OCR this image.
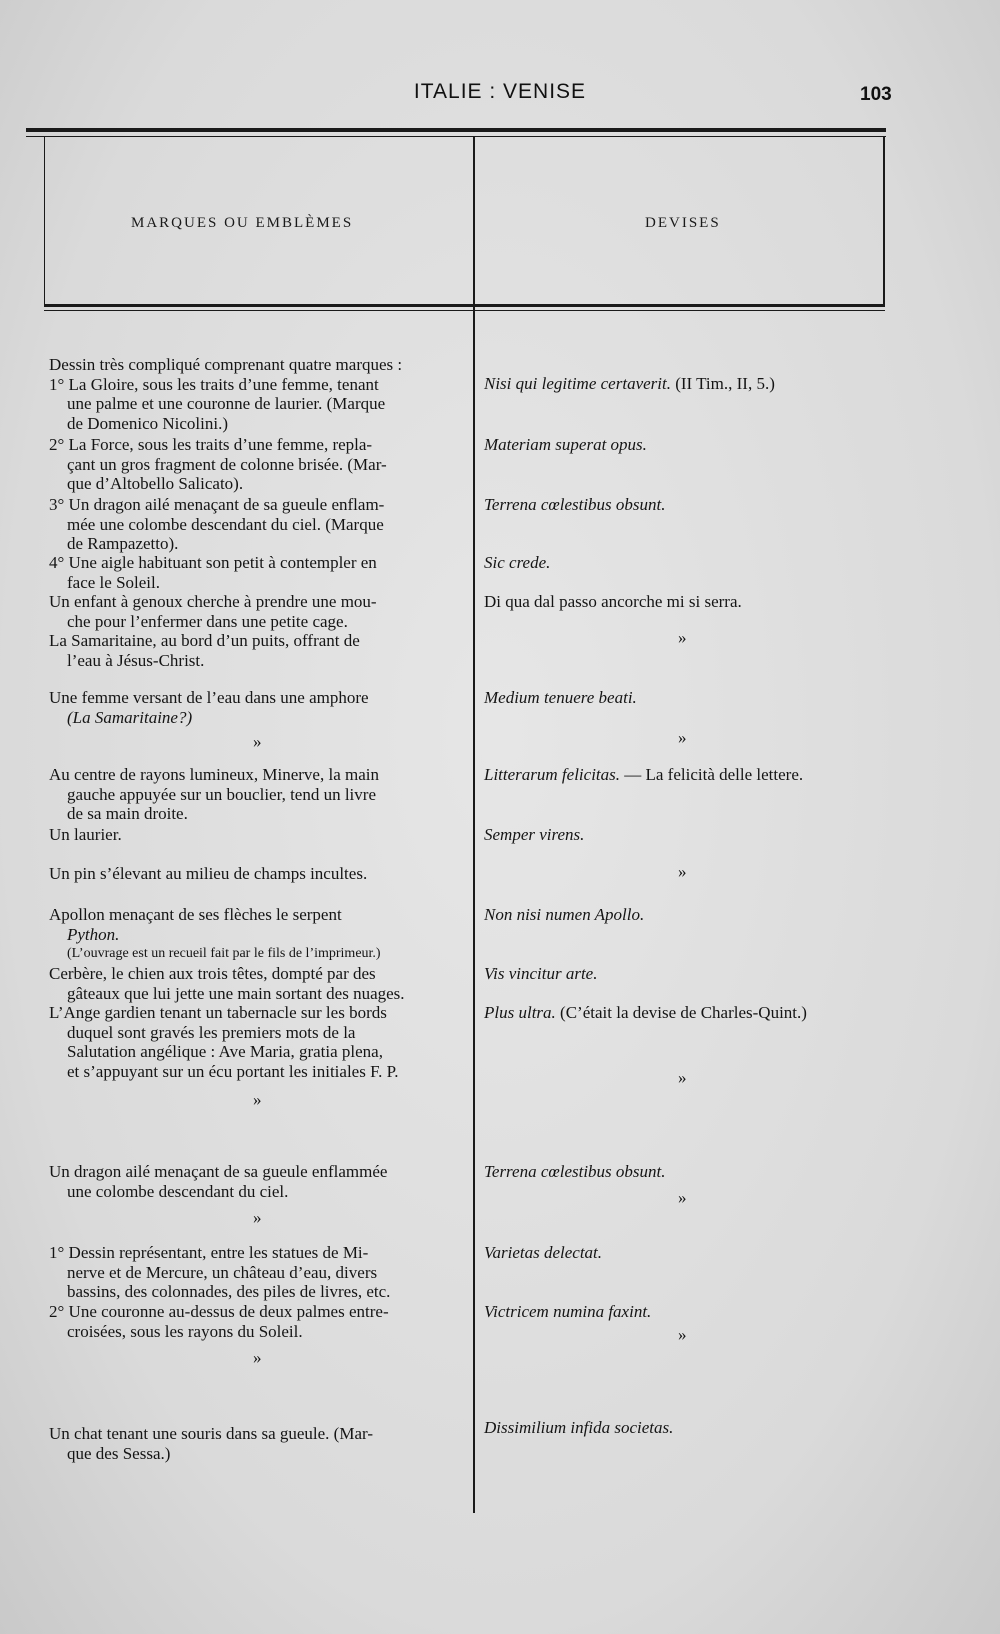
ITALIE : VENISE	103
MARQUES OU EMBLÈMES	DEVISES
Dessin très compliqué comprenant quatre marques :
1° La Gloire, sous les traits d’une femme, tenant
une palme et une couronne de laurier. (Marque
de Domenico Nicolini.)
2° La Force, sous les traits d’une femme, repla-
çant un gros fragment de colonne brisée. (Mar-
que d’Altobello Salicato).
3° Un dragon ailé menaçant de sa gueule enflam-
mée une colombe descendant du ciel. (Marque
de Rampazetto).
4° Une aigle habituant son petit à contempler en
face le Soleil.
Un enfant à genoux cherche à prendre une mou-
che pour l’enfermer dans une petite cage.
La Samaritaine, au bord d’un puits, offrant de
l’eau à Jésus-Christ.
Une femme versant de l’eau dans une amphore
(La Samaritaine?)
»
Au centre de rayons lumineux, Minerve, la main
gauche appuyée sur un bouclier, tend un livre
de sa main droite.
Un laurier.
Un pin s’élevant au milieu de champs incultes.
Apollon menaçant de ses flèches le serpent
Python.
(L’ouvrage est un recueil fait par le fils de l’imprimeur.)
Cerbère, le chien aux trois têtes, dompté par des
gâteaux que lui jette une main sortant des nuages.
L’Ange gardien tenant un tabernacle sur les bords
duquel sont gravés les premiers mots de la
Salutation angélique : Ave Maria, gratia plena,
et s’appuyant sur un écu portant les initiales F. P.
»
Un dragon ailé menaçant de sa gueule enflammée
une colombe descendant du ciel.
»
1° Dessin représentant, entre les statues de Mi-
nerve et de Mercure, un château d’eau, divers
bassins, des colonnades, des piles de livres, etc.
2° Une couronne au-dessus de deux palmes entre-
croisées, sous les rayons du Soleil.
»
Un chat tenant une souris dans sa gueule. (Mar-
que des Sessa.)
Nisi qui legitime certaverit. (II Tim., II, 5.)
Materiam superat opus.
Terrena cœlestibus obsunt.
Sic crede.
Di qua dal passo ancorche mi si serra.
»
Medium tenuere beati.
»
Litterarum felicitas. — La felicità delle lettere.
Semper virens.
»
Non nisi numen Apollo.
Vis vincitur arte.
Plus ultra. (C’était la devise de Charles-Quint.)
»
Terrena cœlestibus obsunt.
»
Varietas delectat.
Victricem numina faxint.
»
Dissimilium infida societas.
